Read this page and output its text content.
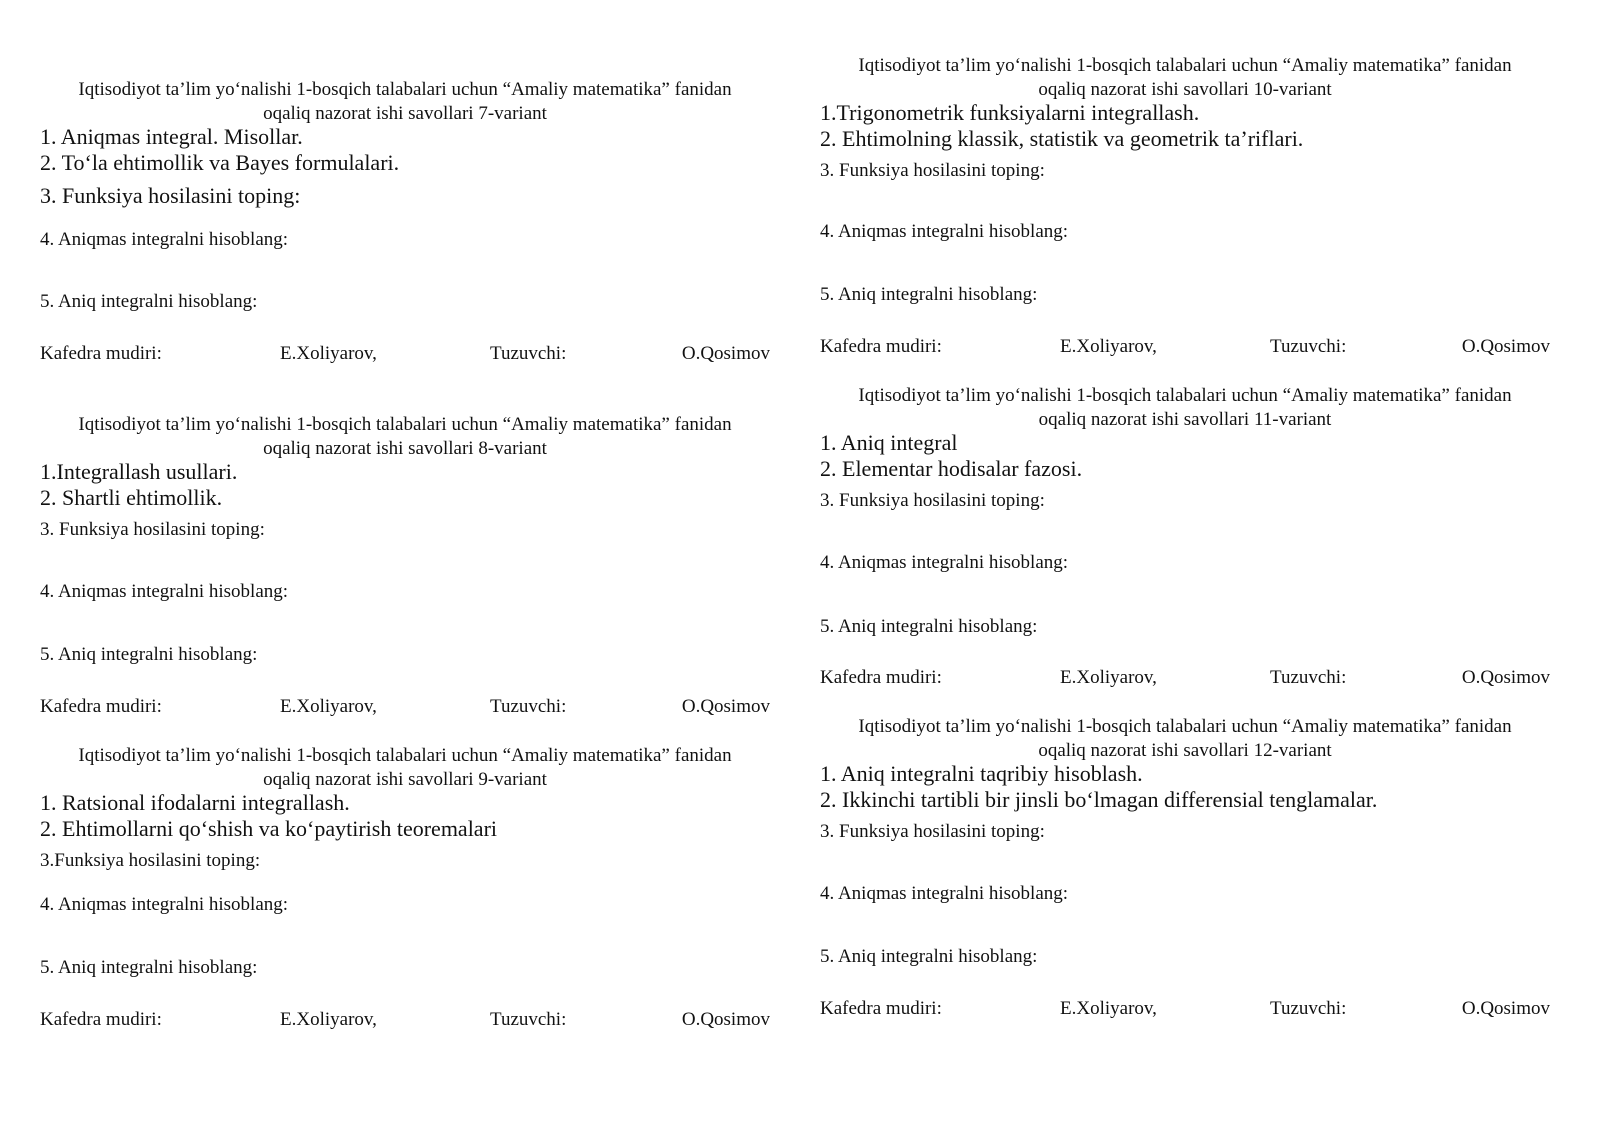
Iqtisodiyot ta’lim yo‘nalishi 1-bosqich talabalari uchun “Amaliy matematika” fanidan
oqaliq nazorat ishi savollari 7-variant

1. Aniqmas integral. Misollar.

2. To‘la ehtimollik va Bayes formulalari.

3. Funksiya hosilasini toping:

4. Aniqmas integralni hisoblang:

5. Aniq integralni hisoblang:

Kafedra mudiri:	E.Xoliyarov,	Tuzuvchi:	O.Qosimov

Iqtisodiyot ta’lim yo‘nalishi 1-bosqich talabalari uchun “Amaliy matematika” fanidan
oqaliq nazorat ishi savollari 8-variant

1.Integrallash usullari.

2. Shartli ehtimollik.

3. Funksiya hosilasini toping:

4. Aniqmas integralni hisoblang:

5. Aniq integralni hisoblang:

Kafedra mudiri:	E.Xoliyarov,	Tuzuvchi:	O.Qosimov

Iqtisodiyot ta’lim yo‘nalishi 1-bosqich talabalari uchun “Amaliy matematika” fanidan
oqaliq nazorat ishi savollari 9-variant

1. Ratsional ifodalarni integrallash.

2. Ehtimollarni qo‘shish va ko‘paytirish teoremalari

3.Funksiya hosilasini toping:

4. Aniqmas integralni hisoblang:

5. Aniq integralni hisoblang:

Kafedra mudiri:	E.Xoliyarov,	Tuzuvchi:	O.Qosimov

Iqtisodiyot ta’lim yo‘nalishi 1-bosqich talabalari uchun “Amaliy matematika” fanidan
oqaliq nazorat ishi savollari 10-variant

1.Trigonometrik funksiyalarni integrallash.

2. Ehtimolning klassik, statistik va geometrik ta’riflari.

3. Funksiya hosilasini toping:

4. Aniqmas integralni hisoblang:

5. Aniq integralni hisoblang:

Kafedra mudiri:	E.Xoliyarov,	Tuzuvchi:	O.Qosimov

Iqtisodiyot ta’lim yo‘nalishi 1-bosqich talabalari uchun “Amaliy matematika” fanidan
oqaliq nazorat ishi savollari 11-variant

1. Aniq integral

2. Elementar hodisalar fazosi.

3. Funksiya hosilasini toping:

4. Aniqmas integralni hisoblang:

5. Aniq integralni hisoblang:

Kafedra mudiri:	E.Xoliyarov,	Tuzuvchi:	O.Qosimov

Iqtisodiyot ta’lim yo‘nalishi 1-bosqich talabalari uchun “Amaliy matematika” fanidan
oqaliq nazorat ishi savollari 12-variant

1. Aniq integralni taqribiy hisoblash.

2. Ikkinchi tartibli bir jinsli bo‘lmagan differensial tenglamalar.

3. Funksiya hosilasini toping:

4. Aniqmas integralni hisoblang:

5. Aniq integralni hisoblang:

Kafedra mudiri:	E.Xoliyarov,	Tuzuvchi:	O.Qosimov
